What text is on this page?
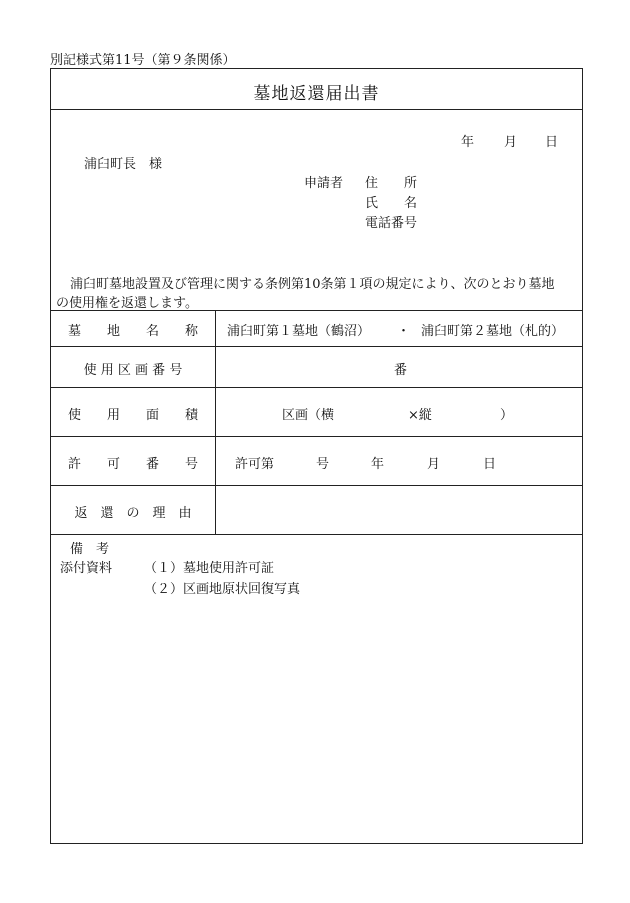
別記様式第11号（第９条関係）
墓地返還届出書
年 月 日
浦臼町長　様
申請者 住　　所
氏　　名
電話番号
浦臼町墓地設置及び管理に関する条例第10条第１項の規定により、次のとおり墓地
の使用権を返還します。
墓　　地　　名　　称	浦臼町第１墓地（鶴沼） ・ 浦臼町第２墓地（札的）
使 用 区 画 番 号	番
使　　用　　面　　積	区画（横	×縦	）
許　　可　　番　　号	許可第	号	年	月	日
返　還　の　理　由
備　考
添付資料 （１）墓地使用許可証
（２）区画地原状回復写真
